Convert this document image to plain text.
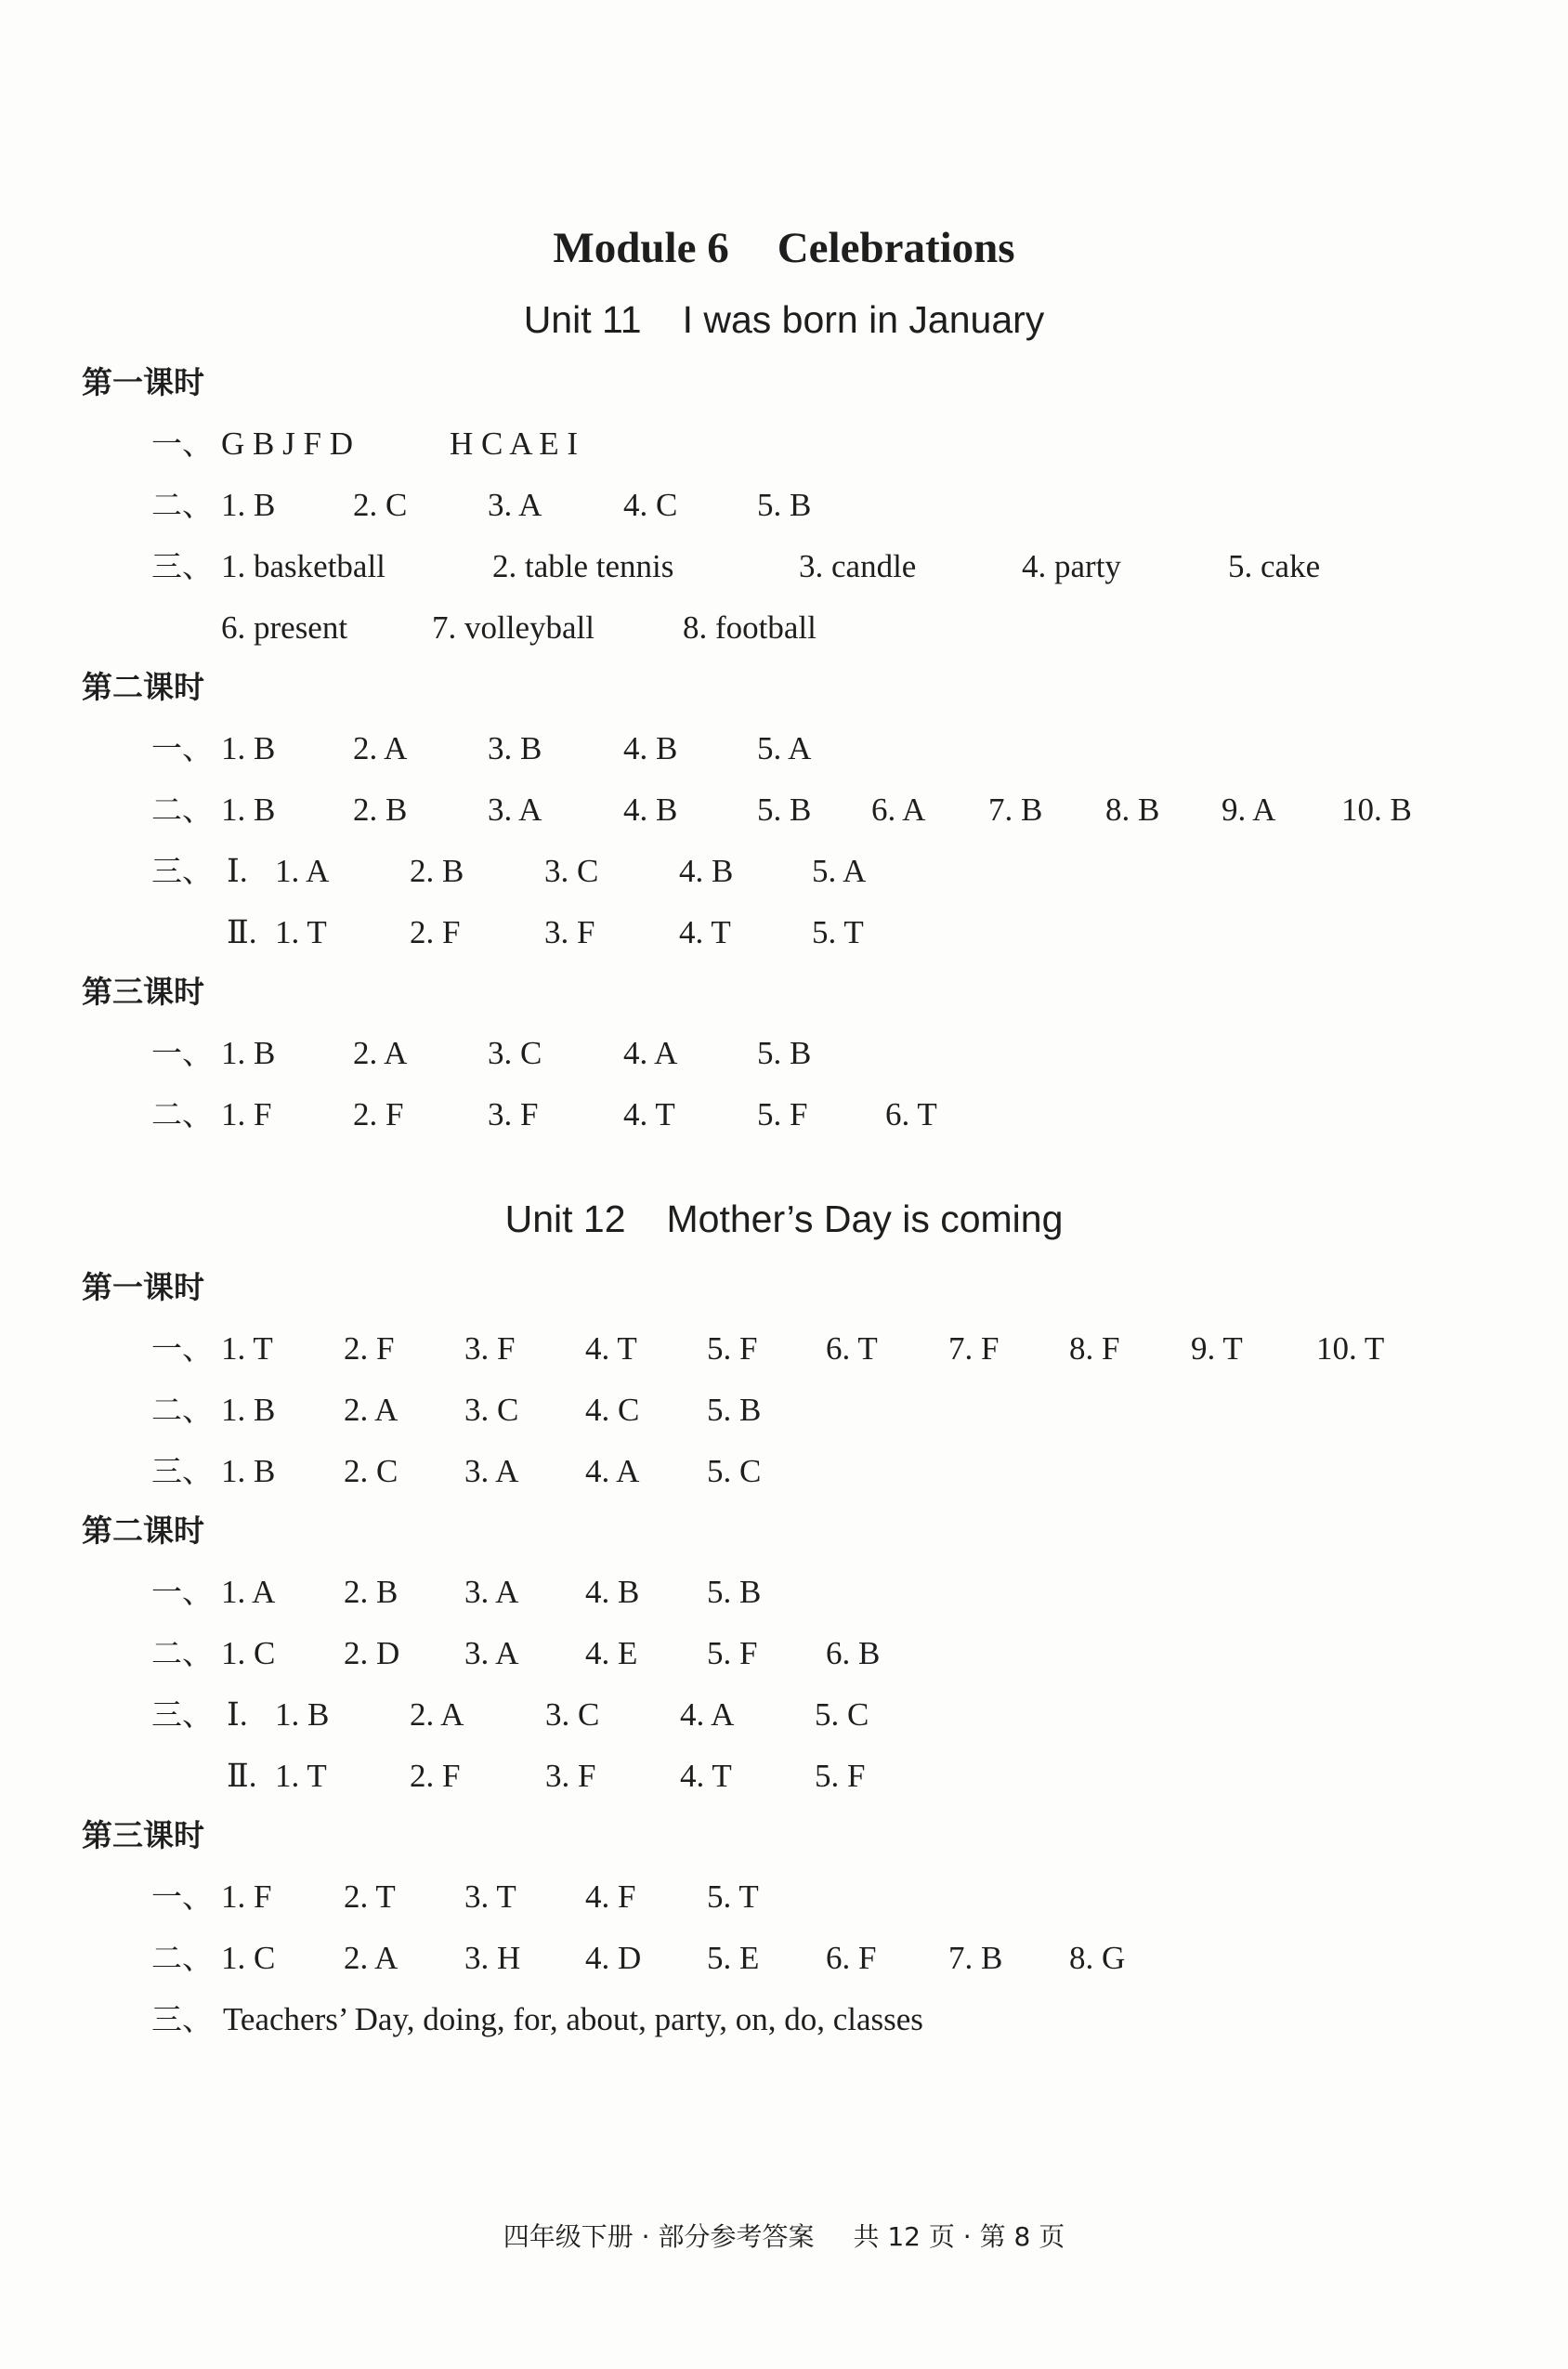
Module 6 Celebrations
Unit 11 I was born in January
第一课时
一、 G B J F D	H C A E I
二、 1. B 2. C 3. A	4. C 5. B
三、 1. basketball	2. table tennis	3. candle	4. party	5. cake
6. present	7. volleyball	8. football
第二课时
一、 1. B 2. A 3. B	4. B 5. A
二、 1. B 2. B 3. A	4. B 5. B 6. A 7. B 8. B 9. A 10. B
三、 Ⅰ. 1. A 2. B 3. C 4. B 5. A
Ⅱ. 1. T	2. F	3. F	4. T 5. T
第三课时
一、 1. B 2. A 3. C	4. A 5. B
二、 1. F	2. F	3. F	4. T	5. F 6. T
Unit 12 Mother’s Day is coming
第一课时
一、 1. T 2. F 3. F 4. T 5. F 6. T 7. F 8. F 9. T 10. T
二、 1. B 2. A 3. C 4. C 5. B
三、 1. B 2. C 3. A 4. A 5. C
第二课时
一、 1. A 2. B 3. A 4. B 5. B
二、 1. C 2. D 3. A 4. E 5. F 6. B
三、 Ⅰ. 1. B 2. A	3. C 4. A 5. C
Ⅱ. 1. T	2. F	3. F	4. T	5. F
第三课时
一、 1. F 2. T 3. T 4. F 5. T
二、 1. C 2. A 3. H 4. D 5. E 6. F 7. B 8. G
三、 Teachers’ Day, doing, for, about, party, on, do, classes
四年级下册 · 部分参考答案 共 12 页 · 第 8 页
